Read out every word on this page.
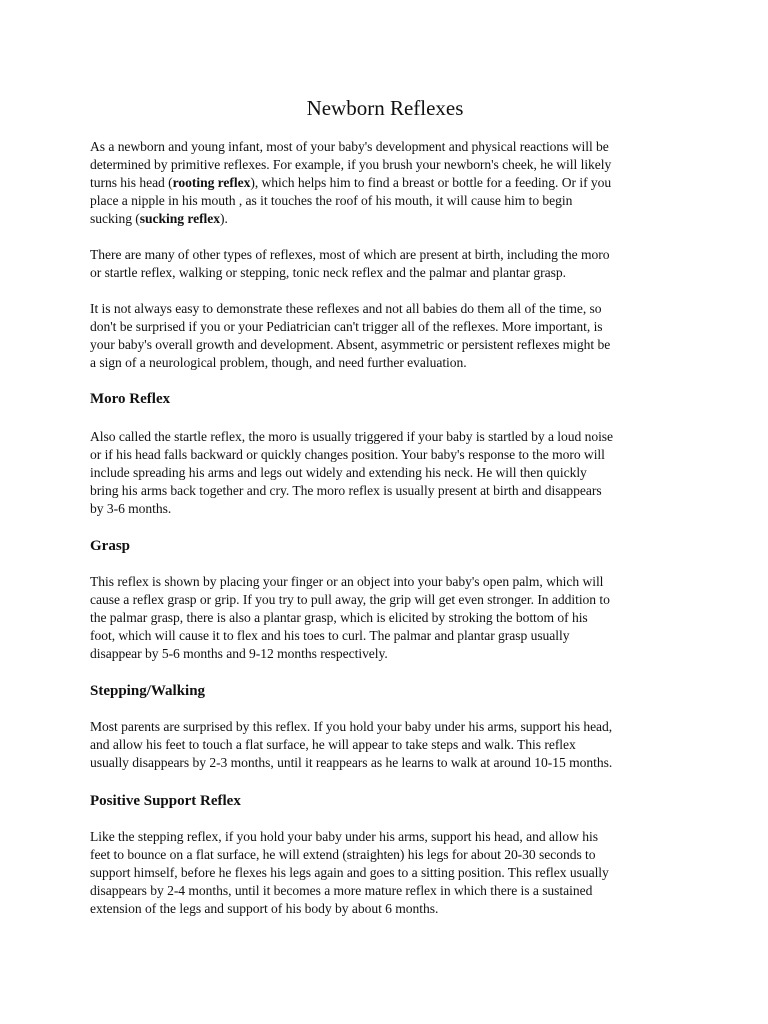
Newborn Reflexes

As a newborn and young infant, most of your baby's development and physical reactions will be

determined by primitive reflexes. For example, if you brush your newborn's cheek, he will likely

turns his head (rooting reflex), which helps him to find a breast or bottle for a feeding. Or if you

place a nipple in his mouth , as it touches the roof of his mouth, it will cause him to begin

sucking (sucking reflex).

There are many of other types of reflexes, most of which are present at birth, including the moro

or startle reflex, walking or stepping, tonic neck reflex and the palmar and plantar grasp.

It is not always easy to demonstrate these reflexes and not all babies do them all of the time, so

don't be surprised if you or your Pediatrician can't trigger all of the reflexes. More important, is

your baby's overall growth and development. Absent, asymmetric or persistent reflexes might be

a sign of a neurological problem, though, and need further evaluation.

Moro Reflex

Also called the startle reflex, the moro is usually triggered if your baby is startled by a loud noise

or if his head falls backward or quickly changes position. Your baby's response to the moro will

include spreading his arms and legs out widely and extending his neck. He will then quickly

bring his arms back together and cry. The moro reflex is usually present at birth and disappears

by 3-6 months.

Grasp

This reflex is shown by placing your finger or an object into your baby's open palm, which will

cause a reflex grasp or grip. If you try to pull away, the grip will get even stronger. In addition to

the palmar grasp, there is also a plantar grasp, which is elicited by stroking the bottom of his

foot, which will cause it to flex and his toes to curl. The palmar and plantar grasp usually

disappear by 5-6 months and 9-12 months respectively.

Stepping/Walking

Most parents are surprised by this reflex. If you hold your baby under his arms, support his head,

and allow his feet to touch a flat surface, he will appear to take steps and walk. This reflex

usually disappears by 2-3 months, until it reappears as he learns to walk at around 10-15 months.

Positive Support Reflex

Like the stepping reflex, if you hold your baby under his arms, support his head, and allow his

feet to bounce on a flat surface, he will extend (straighten) his legs for about 20-30 seconds to

support himself, before he flexes his legs again and goes to a sitting position. This reflex usually

disappears by 2-4 months, until it becomes a more mature reflex in which there is a sustained

extension of the legs and support of his body by about 6 months.
